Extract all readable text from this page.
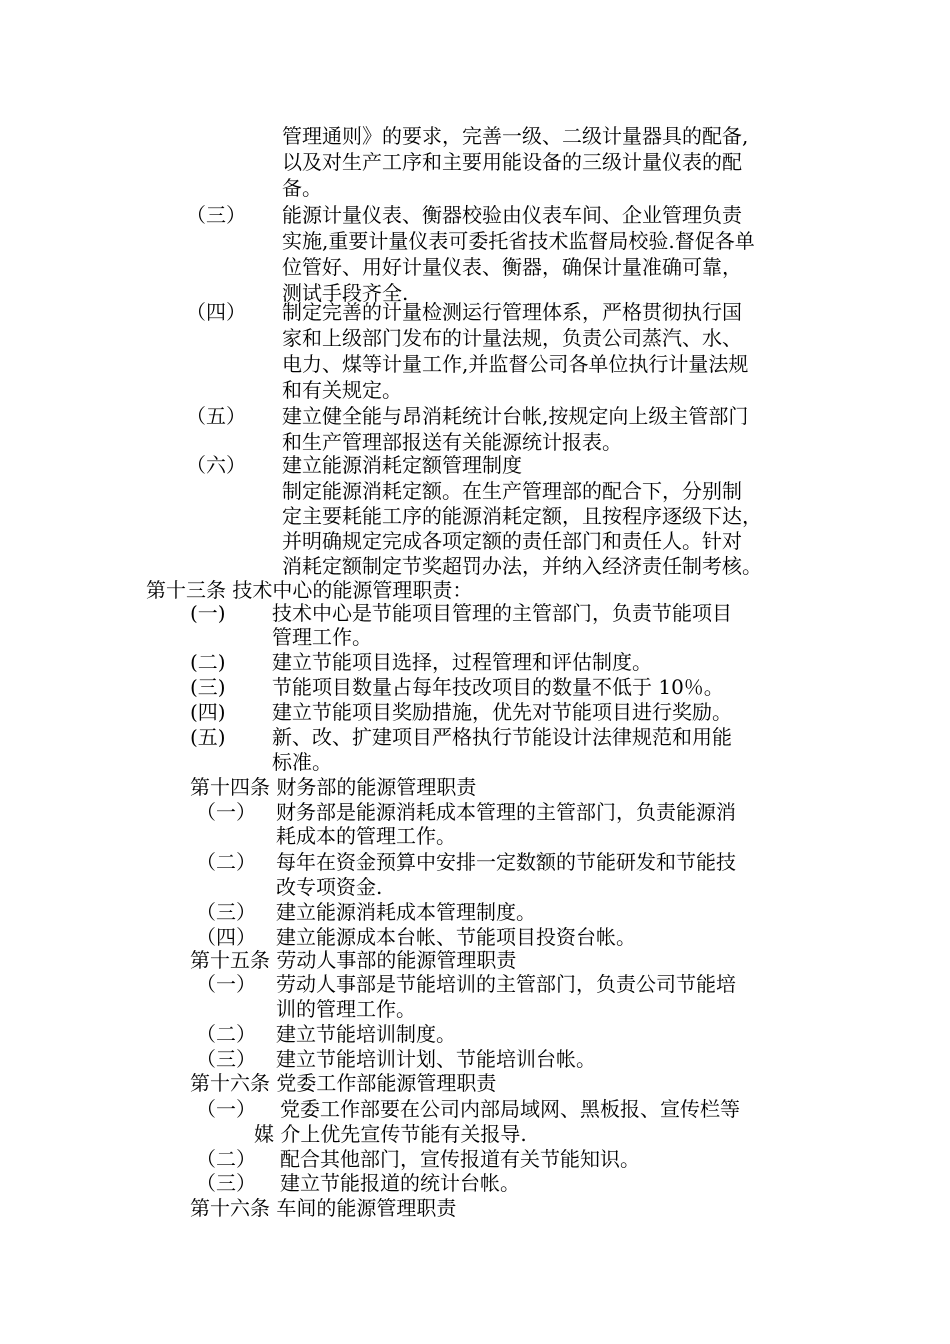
管理通则》的要求，完善一级、二级计量器具的配备,
以及对生产工序和主要用能设备的三级计量仪表的配
备。
（三） 能源计量仪表、衡器校验由仪表车间、企业管理负责
实施,重要计量仪表可委托省技术监督局校验.督促各单
位管好、用好计量仪表、衡器，确保计量准确可靠，
测试手段齐全.
（四） 制定完善的计量检测运行管理体系，严格贯彻执行国
家和上级部门发布的计量法规，负责公司蒸汽、水、
电力、煤等计量工作,并监督公司各单位执行计量法规
和有关规定。
（五） 建立健全能与昂消耗统计台帐,按规定向上级主管部门
和生产管理部报送有关能源统计报表。
（六） 建立能源消耗定额管理制度
制定能源消耗定额。在生产管理部的配合下，分别制
定主要耗能工序的能源消耗定额，且按程序逐级下达，
并明确规定完成各项定额的责任部门和责任人。针对
消耗定额制定节奖超罚办法，并纳入经济责任制考核。
第十三条 技术中心的能源管理职责：
(一) 技术中心是节能项目管理的主管部门，负责节能项目
管理工作。
(二) 建立节能项目选择，过程管理和评估制度。
(三) 节能项目数量占每年技改项目的数量不低于 10％。
(四) 建立节能项目奖励措施，优先对节能项目进行奖励。
(五) 新、改、扩建项目严格执行节能设计法律规范和用能
标准。
第十四条 财务部的能源管理职责
（一） 财务部是能源消耗成本管理的主管部门，负责能源消
耗成本的管理工作。
（二） 每年在资金预算中安排一定数额的节能研发和节能技
改专项资金.
（三） 建立能源消耗成本管理制度。
（四） 建立能源成本台帐、节能项目投资台帐。
第十五条 劳动人事部的能源管理职责
（一） 劳动人事部是节能培训的主管部门，负责公司节能培
训的管理工作。
（二） 建立节能培训制度。
（三） 建立节能培训计划、节能培训台帐。
第十六条 党委工作部能源管理职责
（一） 党委工作部要在公司内部局域网、黑板报、宣传栏等
媒 介上优先宣传节能有关报导.
（二） 配合其他部门，宣传报道有关节能知识。
（三） 建立节能报道的统计台帐。
第十六条 车间的能源管理职责
